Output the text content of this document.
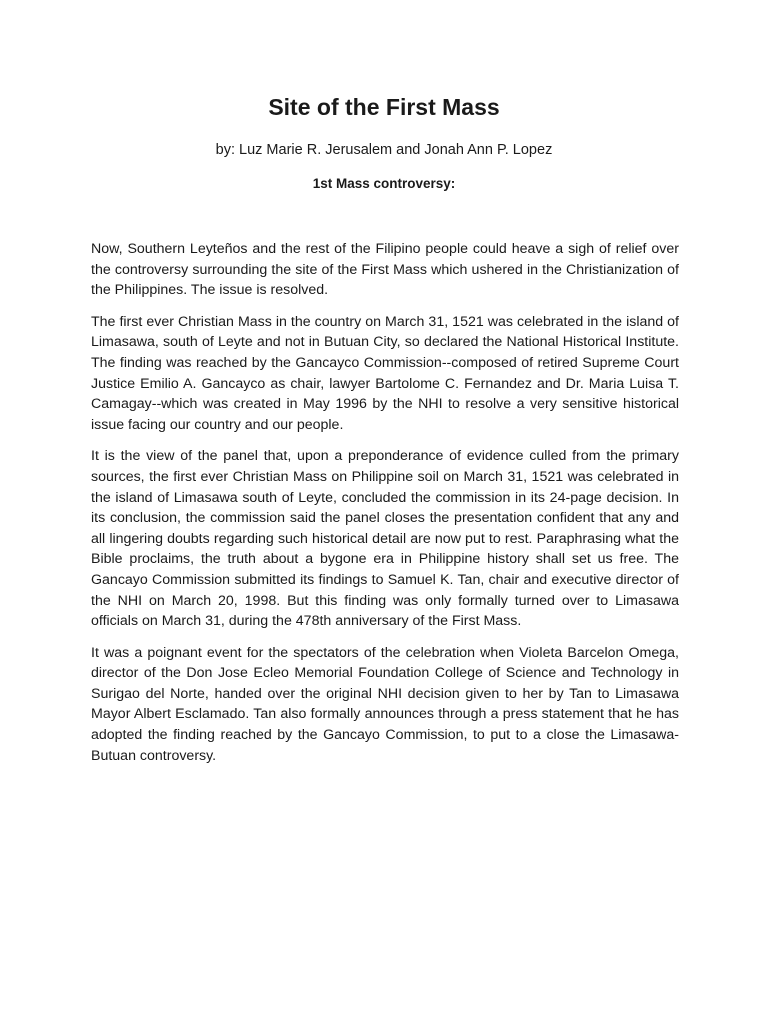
Site of the First Mass

by: Luz Marie R. Jerusalem and Jonah Ann P. Lopez

1st Mass controversy:

Now, Southern Leyteños and the rest of the Filipino people could heave a sigh of relief over the controversy surrounding the site of the First Mass which ushered in the Christianization of the Philippines. The issue is resolved.

The first ever Christian Mass in the country on March 31, 1521 was celebrated in the island of Limasawa, south of Leyte and not in Butuan City, so declared the National Historical Institute. The finding was reached by the Gancayco Commission--composed of retired Supreme Court Justice Emilio A. Gancayco as chair, lawyer Bartolome C. Fernandez and Dr. Maria Luisa T. Camagay--which was created in May 1996 by the NHI to resolve a very sensitive historical issue facing our country and our people.

It is the view of the panel that, upon a preponderance of evidence culled from the primary sources, the first ever Christian Mass on Philippine soil on March 31, 1521 was celebrated in the island of Limasawa south of Leyte, concluded the commission in its 24-page decision. In its conclusion, the commission said the panel closes the presentation confident that any and all lingering doubts regarding such historical detail are now put to rest. Paraphrasing what the Bible proclaims, the truth about a bygone era in Philippine history shall set us free. The Gancayo Commission submitted its findings to Samuel K. Tan, chair and executive director of the NHI on March 20, 1998. But this finding was only formally turned over to Limasawa officials on March 31, during the 478th anniversary of the First Mass.

It was a poignant event for the spectators of the celebration when Violeta Barcelon Omega, director of the Don Jose Ecleo Memorial Foundation College of Science and Technology in Surigao del Norte, handed over the original NHI decision given to her by Tan to Limasawa Mayor Albert Esclamado. Tan also formally announces through a press statement that he has adopted the finding reached by the Gancayo Commission, to put to a close the Limasawa-Butuan controversy.
